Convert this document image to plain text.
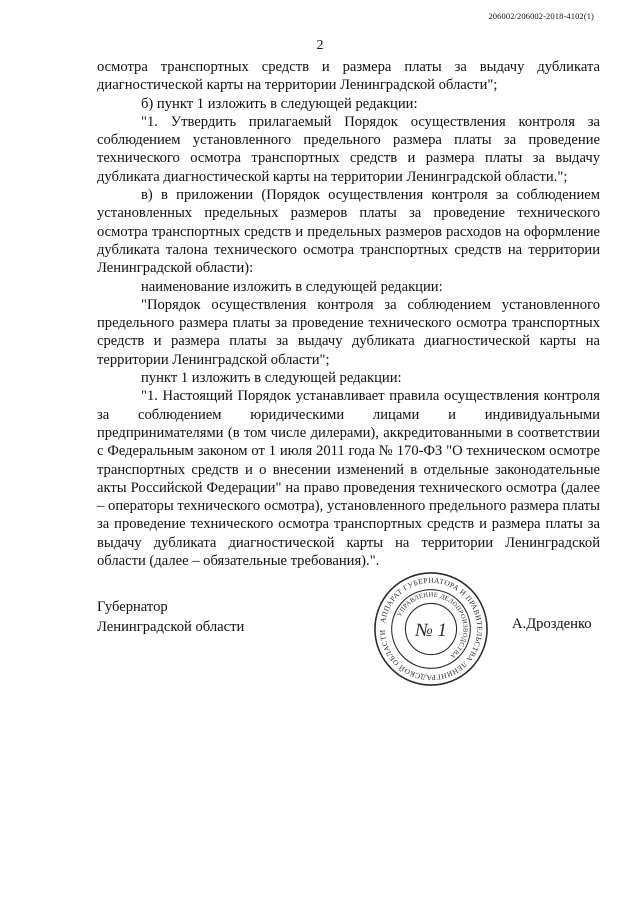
206002/206002-2018-4102(1)
2

осмотра транспортных средств и размера платы за выдачу дубликата диагностической карты на территории Ленинградской области";

б) пункт 1 изложить в следующей редакции:

"1. Утвердить прилагаемый Порядок осуществления контроля за соблюдением установленного предельного размера платы за проведение технического осмотра транспортных средств и размера платы за выдачу дубликата диагностической карты на территории Ленинградской области.";

в) в приложении (Порядок осуществления контроля за соблюдением установленных предельных размеров платы за проведение технического осмотра транспортных средств и предельных размеров расходов на оформление дубликата талона технического осмотра транспортных средств на территории Ленинградской области):

наименование изложить в следующей редакции:

"Порядок осуществления контроля за соблюдением установленного предельного размера платы за проведение технического осмотра транспортных средств и размера платы за выдачу дубликата диагностической карты на территории Ленинградской области";

пункт 1 изложить в следующей редакции:

"1. Настоящий Порядок устанавливает правила осуществления контроля за соблюдением юридическими лицами и индивидуальными предпринимателями (в том числе дилерами), аккредитованными в соответствии с Федеральным законом от 1 июля 2011 года № 170-ФЗ "О техническом осмотре транспортных средств и о внесении изменений в отдельные законодательные акты Российской Федерации" на право проведения технического осмотра (далее – операторы технического осмотра), установленного предельного размера платы за проведение технического осмотра транспортных средств и размера платы за выдачу дубликата диагностической карты на территории Ленинградской области (далее – обязательные требования).".

Губернатор
Ленинградской области	АППАРАТ ГУБЕРНАТОРА И ПРАВИТЕЛЬСТВА ЛЕНИНГРАДСКОЙ ОБЛАСТИ
УПРАВЛЕНИЕ ДЕЛОПРОИЗВОДСТВА
№ 1	А.Дрозденко
